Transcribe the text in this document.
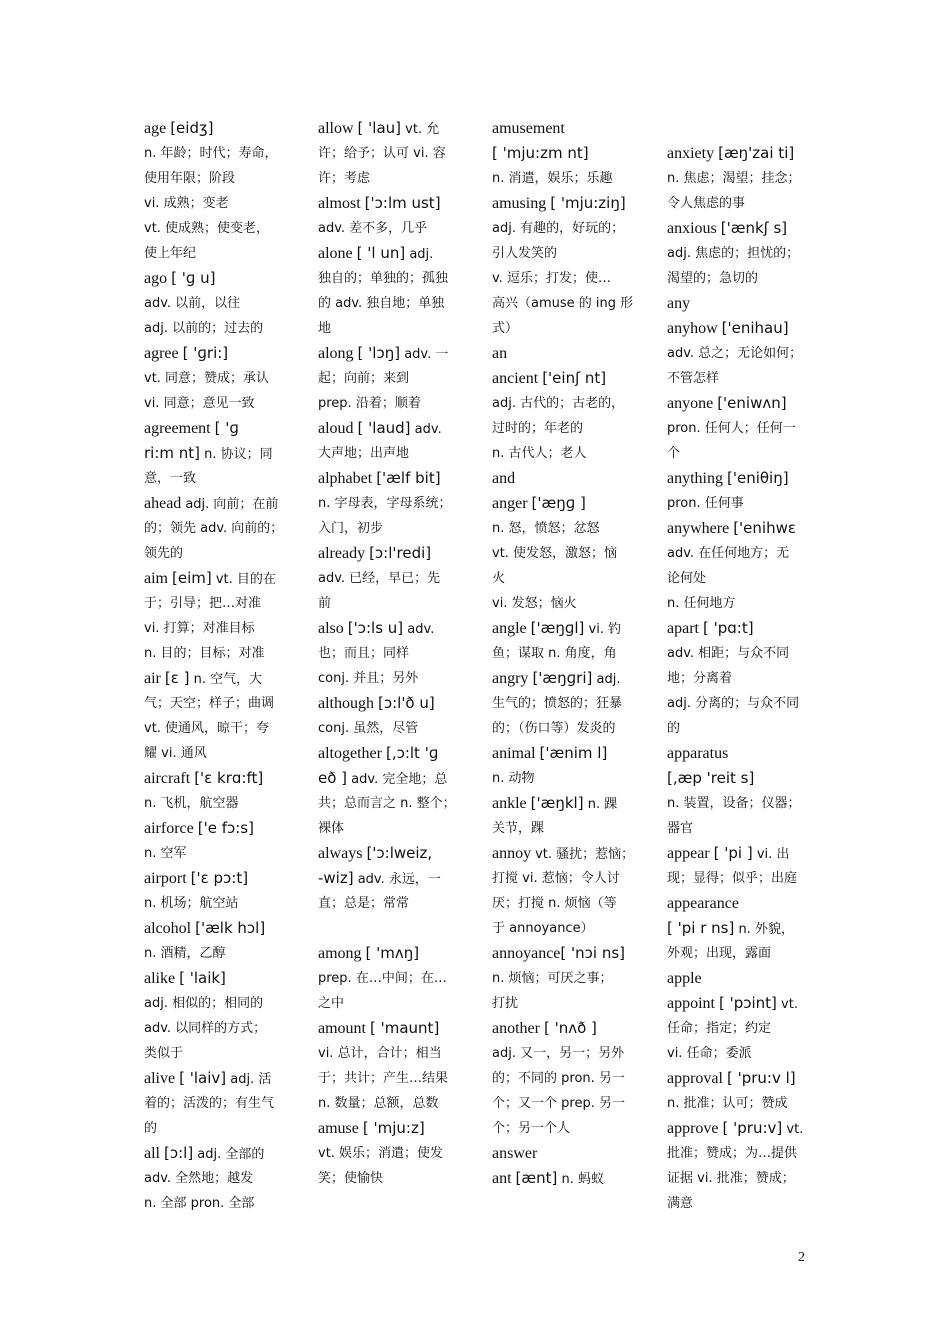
age [eidʒ]
n. 年龄；时代；寿命，
使用年限；阶段
vi. 成熟；变老
vt. 使成熟；使变老，
使上年纪
ago [ 'ɡ u]
adv. 以前，以往
adj. 以前的；过去的
agree [ 'ɡri:]
vt. 同意；赞成；承认
vi. 同意；意见一致
agreement [ 'ɡ
ri:m nt] n. 协议；同
意，一致
ahead adj. 向前；在前
的；领先 adv. 向前的；
领先的
aim [eim] vt. 目的在
于；引导；把…对准
vi. 打算；对准目标
n. 目的；目标；对准
air [ɛ ] n. 空气，大
气；天空；样子；曲调
vt. 使通风，晾干；夸
耀 vi. 通风
aircraft ['ɛ krɑ:ft]
n. 飞机，航空器
airforce ['e fɔ:s]
n. 空军
airport ['ɛ pɔ:t]
n. 机场；航空站
alcohol ['ælk hɔl]
n. 酒精，乙醇
alike [ 'laik]
adj. 相似的；相同的
adv. 以同样的方式；
类似于
alive [ 'laiv] adj. 活
着的；活泼的；有生气
的
all [ɔ:l] adj. 全部的
adv. 全然地；越发
n. 全部 pron. 全部
allow [ 'lau] vt. 允
许；给予；认可 vi. 容
许；考虑
almost ['ɔ:lm ust]
adv. 差不多，几乎
alone [ 'l un] adj.
独自的；单独的；孤独
的 adv. 独自地；单独
地
along [ 'lɔŋ] adv. 一
起；向前；来到
prep. 沿着；顺着
aloud [ 'laud] adv.
大声地；出声地
alphabet ['ælf bit]
n. 字母表，字母系统；
入门，初步
already [ɔ:l'redi]
adv. 已经，早已；先
前
also ['ɔ:ls u] adv.
也；而且；同样
conj. 并且；另外
although [ɔ:l'ð u]
conj. 虽然，尽管
altogether [,ɔ:lt 'ɡ
eð ] adv. 完全地；总
共；总而言之 n. 整个；
裸体
always ['ɔ:lweiz,
-wiz] adv. 永远，一
直；总是；常常
among [ 'mʌŋ]
prep. 在…中间；在…
之中
amount [ 'maunt]
vi. 总计，合计；相当
于；共计；产生…结果
n. 数量；总额，总数
amuse [ 'mju:z]
vt. 娱乐；消遣；使发
笑；使愉快
amusement
[ 'mju:zm nt]
n. 消遣，娱乐；乐趣
amusing [ 'mju:ziŋ]
adj. 有趣的，好玩的；
引人发笑的
v. 逗乐；打发；使…
高兴（amuse 的 ing 形
式）
an
ancient ['einʃ nt]
adj. 古代的；古老的，
过时的；年老的
n. 古代人；老人
and
anger ['æŋɡ ]
n. 怒，愤怒；忿怒
vt. 使发怒，激怒；恼
火
vi. 发怒；恼火
angle ['æŋɡl] vi. 钓
鱼；谋取 n. 角度，角
angry ['æŋɡri] adj.
生气的；愤怒的；狂暴
的；（伤口等）发炎的
animal ['ænim l]
n. 动物
ankle ['æŋkl] n. 踝
关节，踝
annoy vt. 骚扰；惹恼；
打搅 vi. 惹恼；令人讨
厌；打搅 n. 烦恼（等
于 annoyance）
annoyance[ 'nɔi ns]
n. 烦恼；可厌之事；
打扰
another [ 'nʌð ]
adj. 又一，另一；另外
的；不同的 pron. 另一
个；又一个 prep. 另一
个；另一个人
answer
ant [ænt] n. 蚂蚁
anxiety [æŋ'zai ti]
n. 焦虑；渴望；挂念；
令人焦虑的事
anxious ['ænkʃ s]
adj. 焦虑的；担忧的；
渴望的；急切的
any
anyhow ['enihau]
adv. 总之；无论如何；
不管怎样
anyone ['eniwʌn]
pron. 任何人；任何一
个
anything ['eniθiŋ]
pron. 任何事
anywhere ['enihwɛ
adv. 在任何地方；无
论何处
n. 任何地方
apart [ 'pɑ:t]
adv. 相距；与众不同
地；分离着
adj. 分离的；与众不同
的
apparatus
[,æp 'reit s]
n. 装置，设备；仪器；
器官
appear [ 'pi ] vi. 出
现；显得；似乎；出庭
appearance
[ 'pi r ns] n. 外貌，
外观；出现，露面
apple
appoint [ 'pɔint] vt.
任命；指定；约定
vi. 任命；委派
approval [ 'pru:v l]
n. 批准；认可；赞成
approve [ 'pru:v] vt.
批准；赞成；为…提供
证据 vi. 批准；赞成；
满意
2
